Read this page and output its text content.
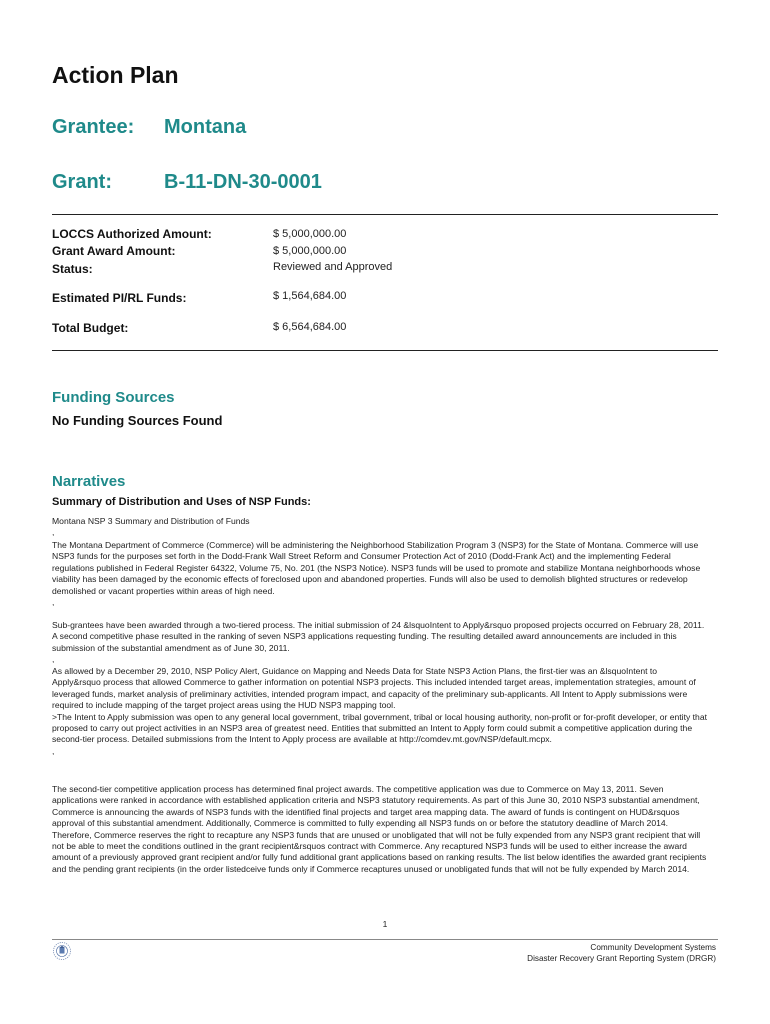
Action Plan
Grantee: Montana
Grant:	B-11-DN-30-0001
LOCCS Authorized Amount:	$ 5,000,000.00
Grant Award Amount:	$ 5,000,000.00
Status:	Reviewed and Approved
Estimated PI/RL Funds:	$ 1,564,684.00
Total Budget:	$ 6,564,684.00
Funding Sources
No Funding Sources Found
Narratives
Summary of Distribution and Uses of NSP Funds:
Montana NSP 3 Summary and Distribution of Funds
,
The Montana Department of Commerce (Commerce) will be administering the Neighborhood Stabilization Program 3 (NSP3) for the State of Montana. Commerce will use NSP3 funds for the purposes set forth in the Dodd-Frank Wall Street Reform and Consumer Protection Act of 2010 (Dodd-Frank Act) and the implementing Federal regulations published in Federal Register 64322, Volume 75, No. 201 (the NSP3 Notice). NSP3 funds will be used to promote and stabilize Montana neighborhoods whose viability has been damaged by the economic effects of foreclosed upon and abandoned properties. Funds will also be used to demolish blighted structures or redevelop demolished or vacant properties within areas of high need.
,
Sub-grantees have been awarded through a two-tiered process. The initial submission of 24 &lsquoIntent to Apply&rsquo proposed projects occurred on February 28, 2011. A second competitive phase resulted in the ranking of seven NSP3 applications requesting funding. The resulting detailed award announcements are included in this submission of the substantial amendment as of June 30, 2011.
,
As allowed by a December 29, 2010, NSP Policy Alert, Guidance on Mapping and Needs Data for State NSP3 Action Plans, the first-tier was an &lsquoIntent to Apply&rsquo process that allowed Commerce to gather information on potential NSP3 projects. This included intended target areas, implementation strategies, amount of leveraged funds, market analysis of preliminary activities, intended program impact, and capacity of the preliminary sub-applicants. All Intent to Apply submissions were required to include mapping of the target project areas using the HUD NSP3 mapping tool.
>The Intent to Apply submission was open to any general local government, tribal government, tribal or local housing authority, non-profit or for-profit developer, or entity that proposed to carry out project activities in an NSP3 area of greatest need. Entities that submitted an Intent to Apply form could submit a competitive application during the second-tier process. Detailed submissions from the Intent to Apply process are available at http://comdev.mt.gov/NSP/default.mcpx.
,
The second-tier competitive application process has determined final project awards. The competitive application was due to Commerce on May 13, 2011. Seven applications were ranked in accordance with established application criteria and NSP3 statutory requirements. As part of this June 30, 2010 NSP3 substantial amendment, Commerce is announcing the awards of NSP3 funds with the identified final projects and target area mapping data. The award of funds is contingent on HUD&rsquos approval of this substantial amendment. Additionally, Commerce is committed to fully expending all NSP3 funds on or before the statutory deadline of March 2014. Therefore, Commerce reserves the right to recapture any NSP3 funds that are unused or unobligated that will not be fully expended from any NSP3 grant recipient that will not be able to meet the conditions outlined in the grant recipient&rsquos contract with Commerce. Any recaptured NSP3 funds will be used to either increase the award amount of a previously approved grant recipient and/or fully fund additional grant applications based on ranking results. The list below identifies the awarded grant recipients and the pending grant recipients (in the order listedceive funds only if Commerce recaptures unused or unobligated funds that will not be fully expended by March 2014.
1
Community Development Systems
Disaster Recovery Grant Reporting System (DRGR)
